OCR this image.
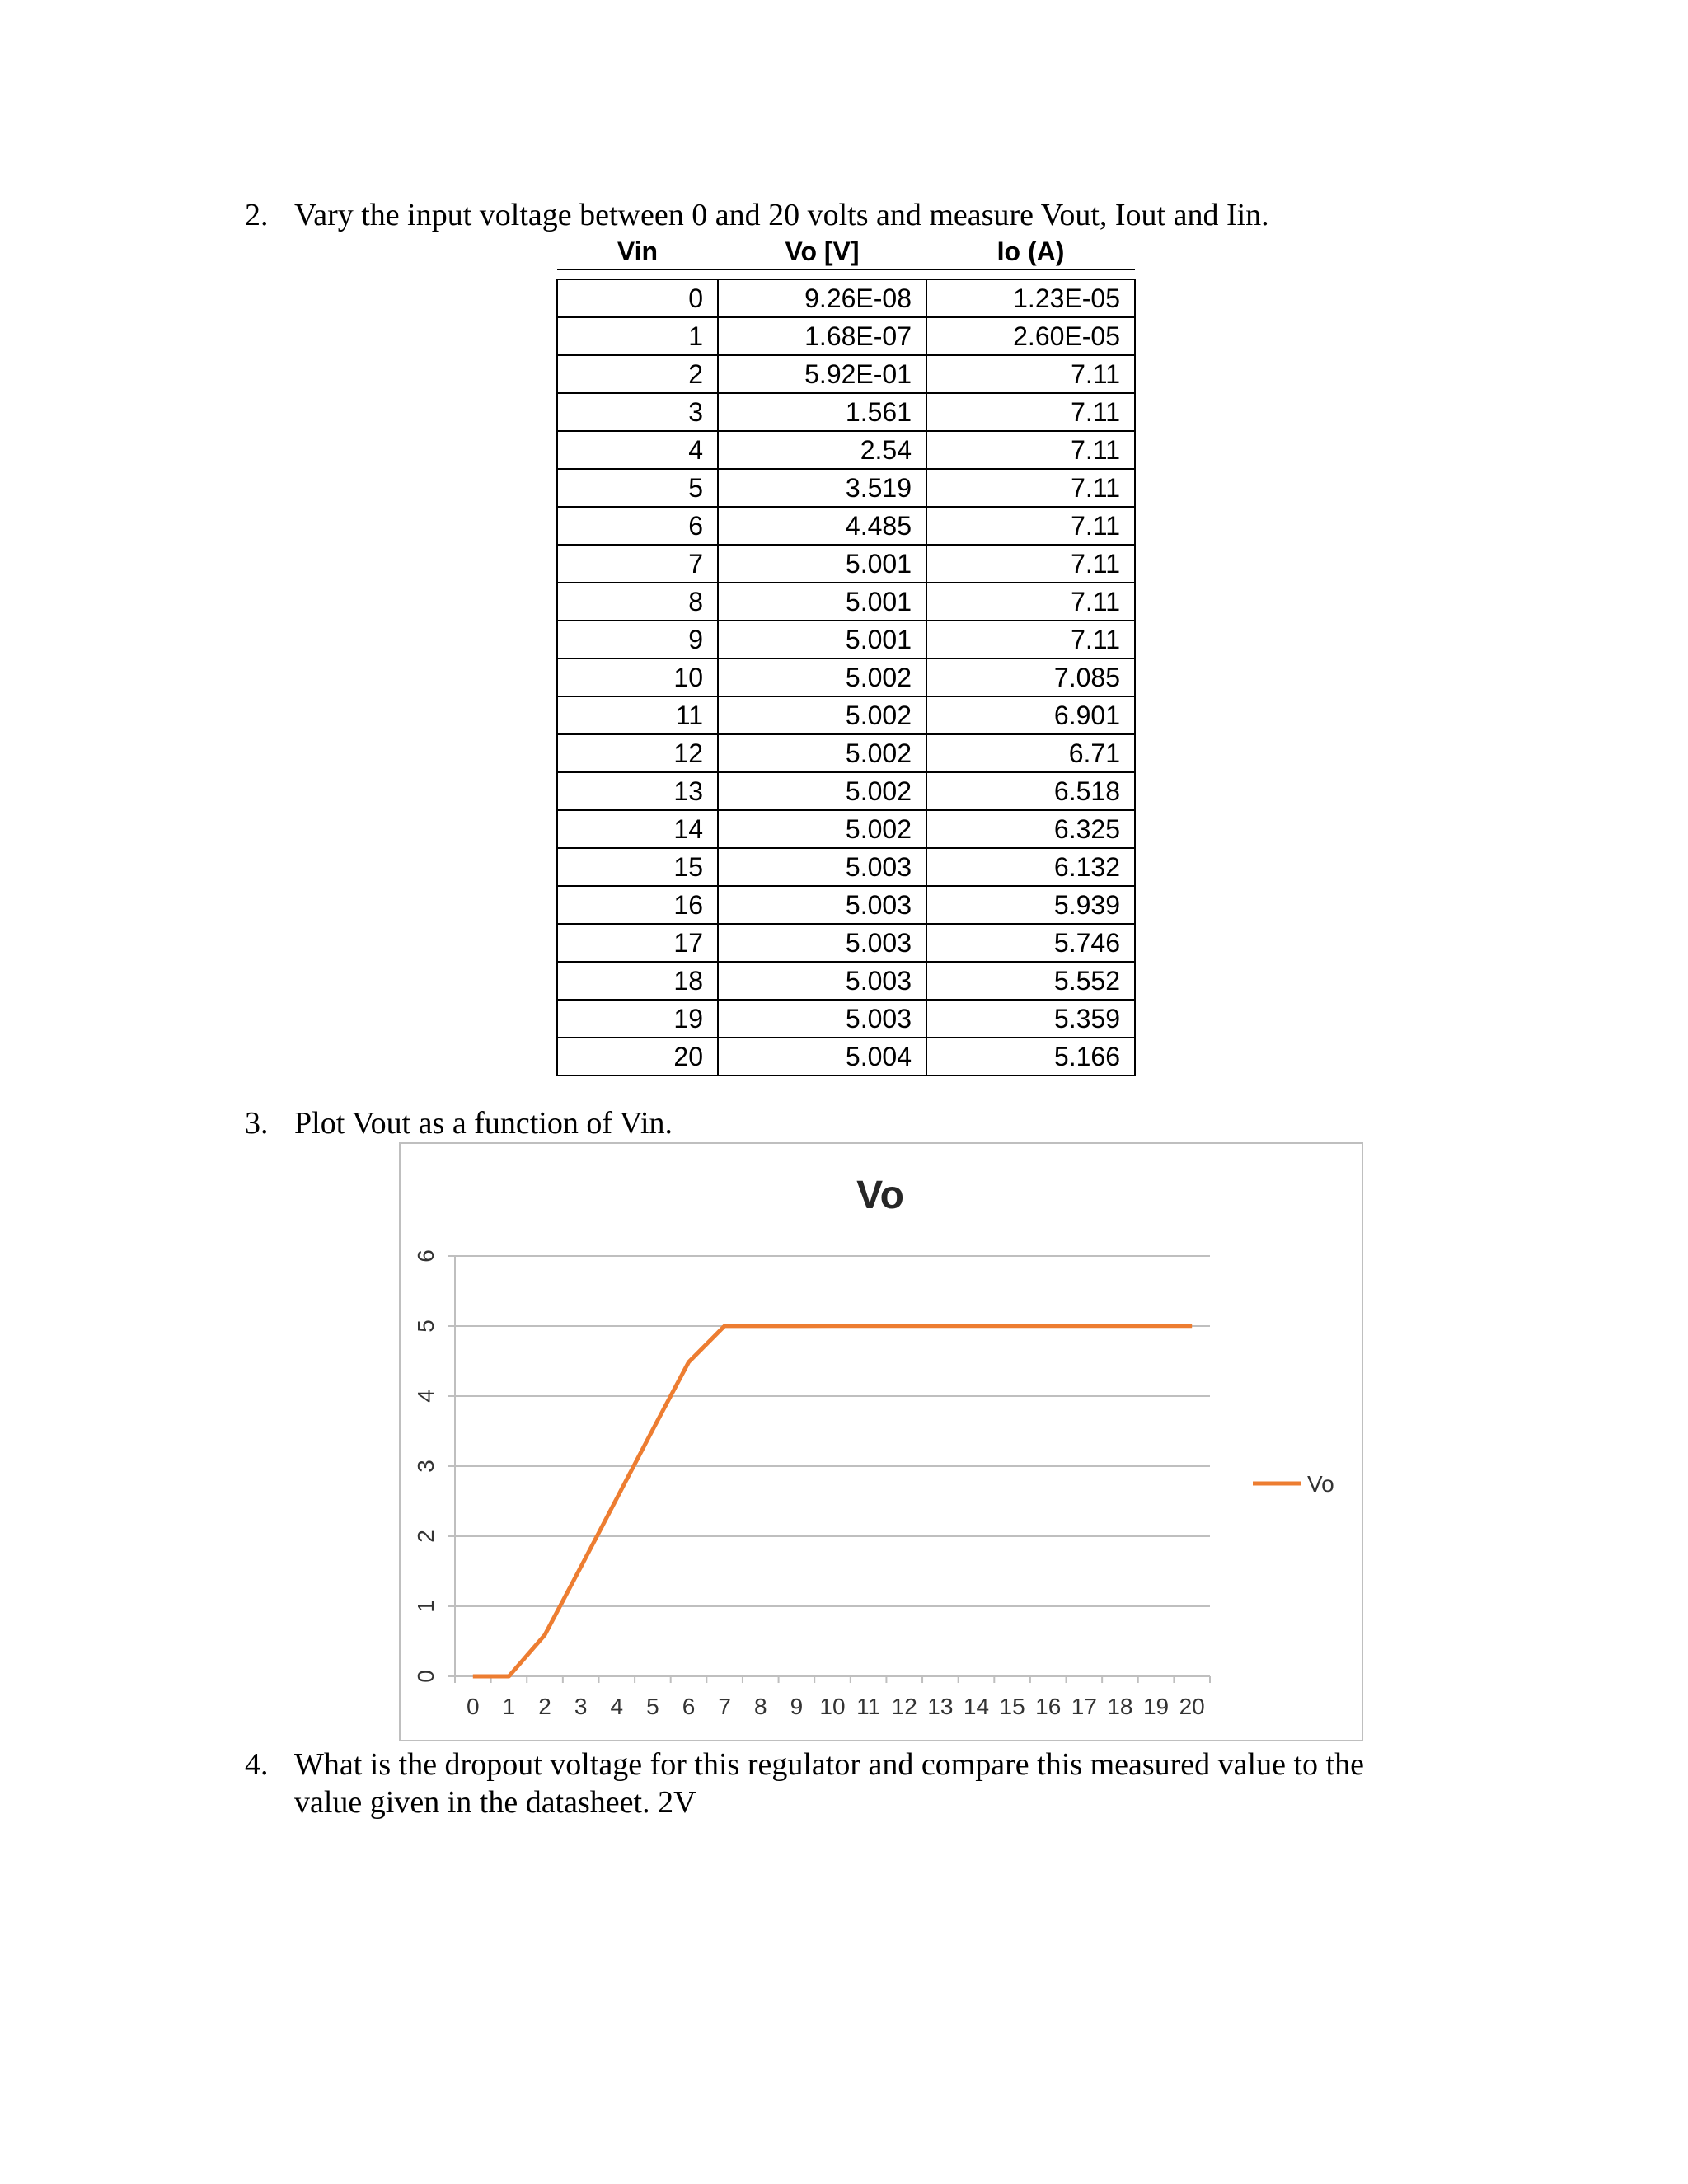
2. Vary the input voltage between 0 and 20 volts and measure Vout, Iout and Iin.
Vin	Vo [V]	Io (A)

0	9.26E-08	1.23E-05
1	1.68E-07	2.60E-05
2	5.92E-01	7.11
3	1.561	7.11
4	2.54	7.11
5	3.519	7.11
6	4.485	7.11
7	5.001	7.11
8	5.001	7.11
9	5.001	7.11
10	5.002	7.085
11	5.002	6.901
12	5.002	6.71
13	5.002	6.518
14	5.002	6.325
15	5.003	6.132
16	5.003	5.939
17	5.003	5.746
18	5.003	5.552
19	5.003	5.359
20	5.004	5.166
3. Plot Vout as a function of Vin.
Vo
0
1
2
3
4
5
6
0 1 2 3 4 5 6 7 8 9 10 11 12 13 14 15 16 17 18 19 20
Vo
4. What is the dropout voltage for this regulator and compare this measured value to the
value given in the datasheet. 2V
